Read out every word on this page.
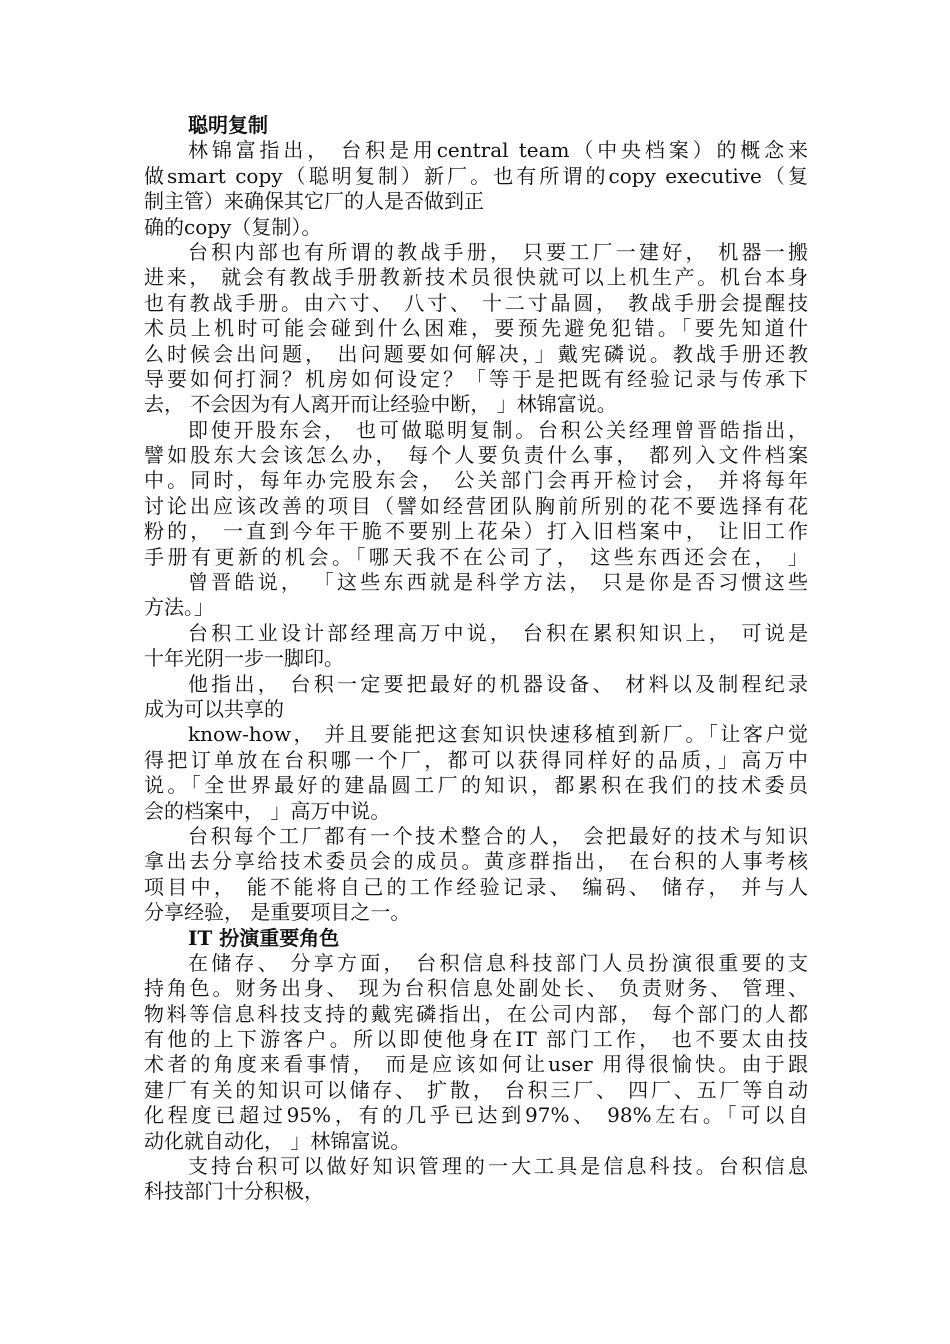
聪明复制
林锦富指出， 台积是用central team（中央档案）的概念来
做smart copy（聪明复制）新厂。也有所谓的copy executive（复
制主管）来确保其它厂的人是否做到正
确的copy（复制）。
台积内部也有所谓的教战手册， 只要工厂一建好， 机器一搬
进来， 就会有教战手册教新技术员很快就可以上机生产。机台本身
也有教战手册。由六寸、 八寸、 十二寸晶圆， 教战手册会提醒技
术员上机时可能会碰到什么困难，要预先避免犯错。「要先知道什
么时候会出问题， 出问题要如何解决，」戴宪磷说。教战手册还教
导要如何打洞？机房如何设定？「等于是把既有经验记录与传承下
去， 不会因为有人离开而让经验中断， 」林锦富说。
即使开股东会， 也可做聪明复制。台积公关经理曾晋皓指出，
譬如股东大会该怎么办， 每个人要负责什么事， 都列入文件档案
中。同时，每年办完股东会， 公关部门会再开检讨会， 并将每年
讨论出应该改善的项目（譬如经营团队胸前所别的花不要选择有花
粉的， 一直到今年干脆不要别上花朵）打入旧档案中， 让旧工作
手册有更新的机会。「哪天我不在公司了， 这些东西还会在， 」
曾晋皓说， 「这些东西就是科学方法， 只是你是否习惯这些
方法。」
台积工业设计部经理高万中说， 台积在累积知识上， 可说是
十年光阴一步一脚印。
他指出， 台积一定要把最好的机器设备、 材料以及制程纪录
成为可以共享的
know-how， 并且要能把这套知识快速移植到新厂。「让客户觉
得把订单放在台积哪一个厂，都可以获得同样好的品质，」高万中
说。「全世界最好的建晶圆工厂的知识，都累积在我们的技术委员
会的档案中， 」高万中说。
台积每个工厂都有一个技术整合的人， 会把最好的技术与知识
拿出去分享给技术委员会的成员。黄彦群指出， 在台积的人事考核
项目中， 能不能将自己的工作经验记录、 编码、 储存， 并与人
分享经验， 是重要项目之一。
IT 扮演重要角色
在储存、 分享方面， 台积信息科技部门人员扮演很重要的支
持角色。财务出身、 现为台积信息处副处长、 负责财务、 管理、
物料等信息科技支持的戴宪磷指出，在公司内部， 每个部门的人都
有他的上下游客户。所以即使他身在IT 部门工作， 也不要太由技
术者的角度来看事情， 而是应该如何让user 用得很愉快。由于跟
建厂有关的知识可以储存、 扩散， 台积三厂、 四厂、五厂等自动
化程度已超过95%，有的几乎已达到97%、 98%左右。「可以自
动化就自动化， 」林锦富说。
支持台积可以做好知识管理的一大工具是信息科技。台积信息
科技部门十分积极，
